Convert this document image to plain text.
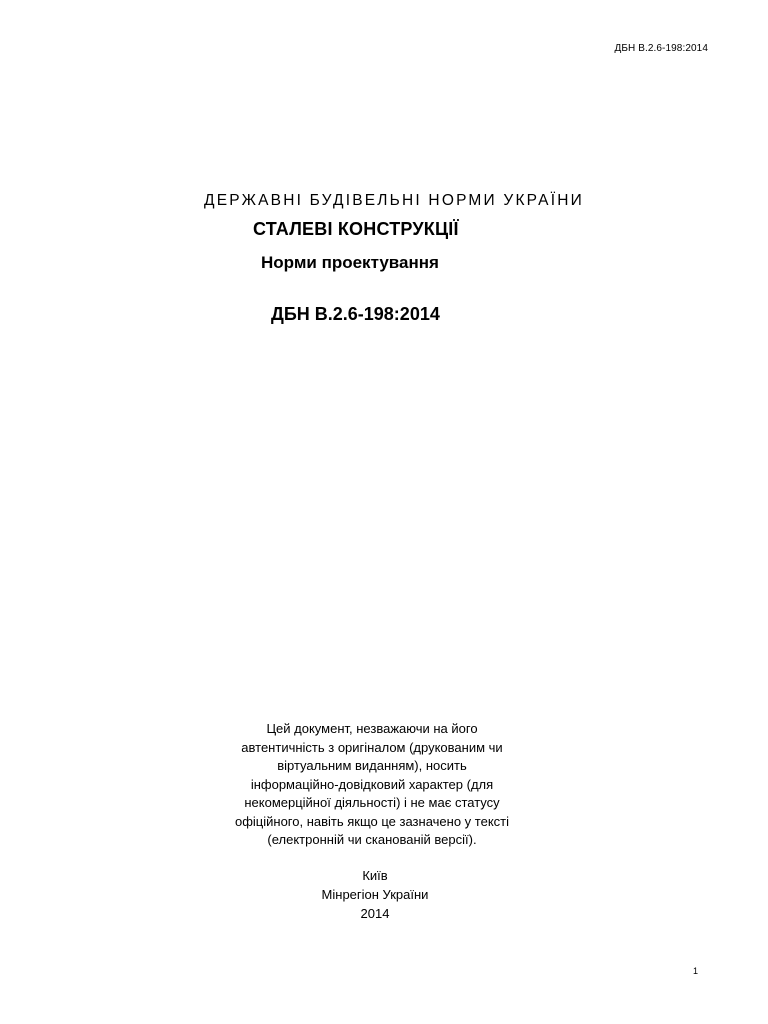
ДБН В.2.6-198:2014
ДЕРЖАВНІ БУДІВЕЛЬНІ НОРМИ УКРАЇНИ
СТАЛЕВІ КОНСТРУКЦІЇ
Норми проектування
ДБН В.2.6-198:2014
Цей документ, незважаючи на його
автентичність з оригіналом (друкованим чи
віртуальним виданням), носить
інформаційно-довідковий характер (для
некомерційної діяльності) і не має статусу
офіційного, навіть якщо це зазначено у тексті
(електронній чи сканованій версії).
Київ
Мінрегіон України
2014
1
